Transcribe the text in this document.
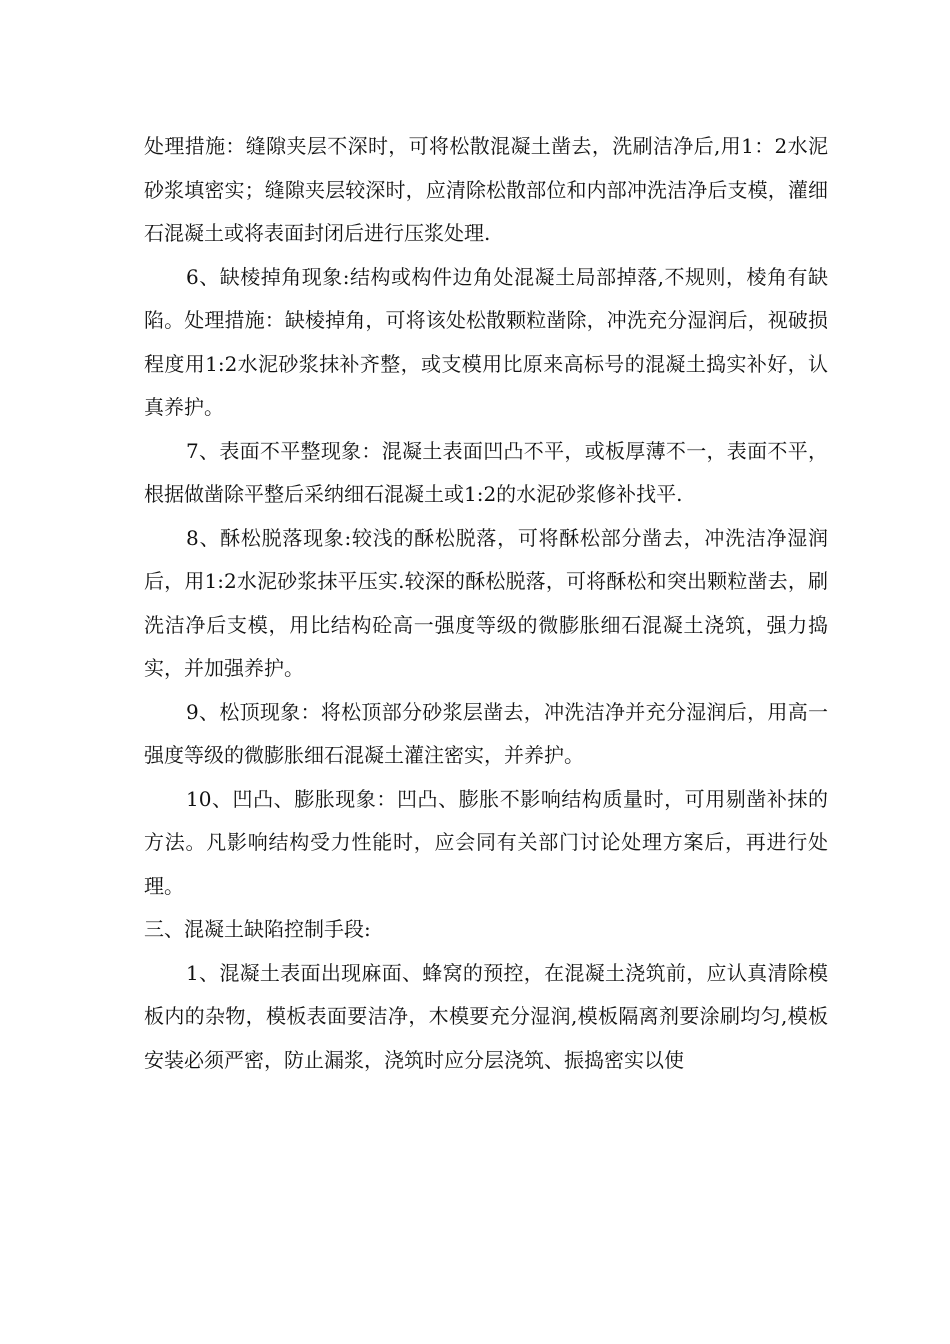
处理措施：缝隙夹层不深时，可将松散混凝土凿去，洗刷洁净后,用1：2水泥砂浆填密实；缝隙夹层较深时，应清除松散部位和内部冲洗洁净后支模，灌细石混凝土或将表面封闭后进行压浆处理.

6、缺棱掉角现象:结构或构件边角处混凝土局部掉落,不规则，棱角有缺陷。处理措施：缺棱掉角，可将该处松散颗粒凿除，冲洗充分湿润后，视破损程度用1:2水泥砂浆抹补齐整，或支模用比原来高标号的混凝土捣实补好，认真养护。

7、表面不平整现象：混凝土表面凹凸不平，或板厚薄不一，表面不平，根据做凿除平整后采纳细石混凝土或1:2的水泥砂浆修补找平.

8、酥松脱落现象:较浅的酥松脱落，可将酥松部分凿去，冲洗洁净湿润后，用1:2水泥砂浆抹平压实.较深的酥松脱落，可将酥松和突出颗粒凿去，刷洗洁净后支模，用比结构砼高一强度等级的微膨胀细石混凝土浇筑，强力捣实，并加强养护。

9、松顶现象：将松顶部分砂浆层凿去，冲洗洁净并充分湿润后，用高一强度等级的微膨胀细石混凝土灌注密实，并养护。

10、凹凸、膨胀现象：凹凸、膨胀不影响结构质量时，可用剔凿补抹的方法。凡影响结构受力性能时，应会同有关部门讨论处理方案后，再进行处理。

三、混凝土缺陷控制手段:

1、混凝土表面出现麻面、蜂窝的预控，在混凝土浇筑前，应认真清除模板内的杂物，模板表面要洁净，木模要充分湿润,模板隔离剂要涂刷均匀,模板安装必须严密，防止漏浆，浇筑时应分层浇筑、振捣密实以使
